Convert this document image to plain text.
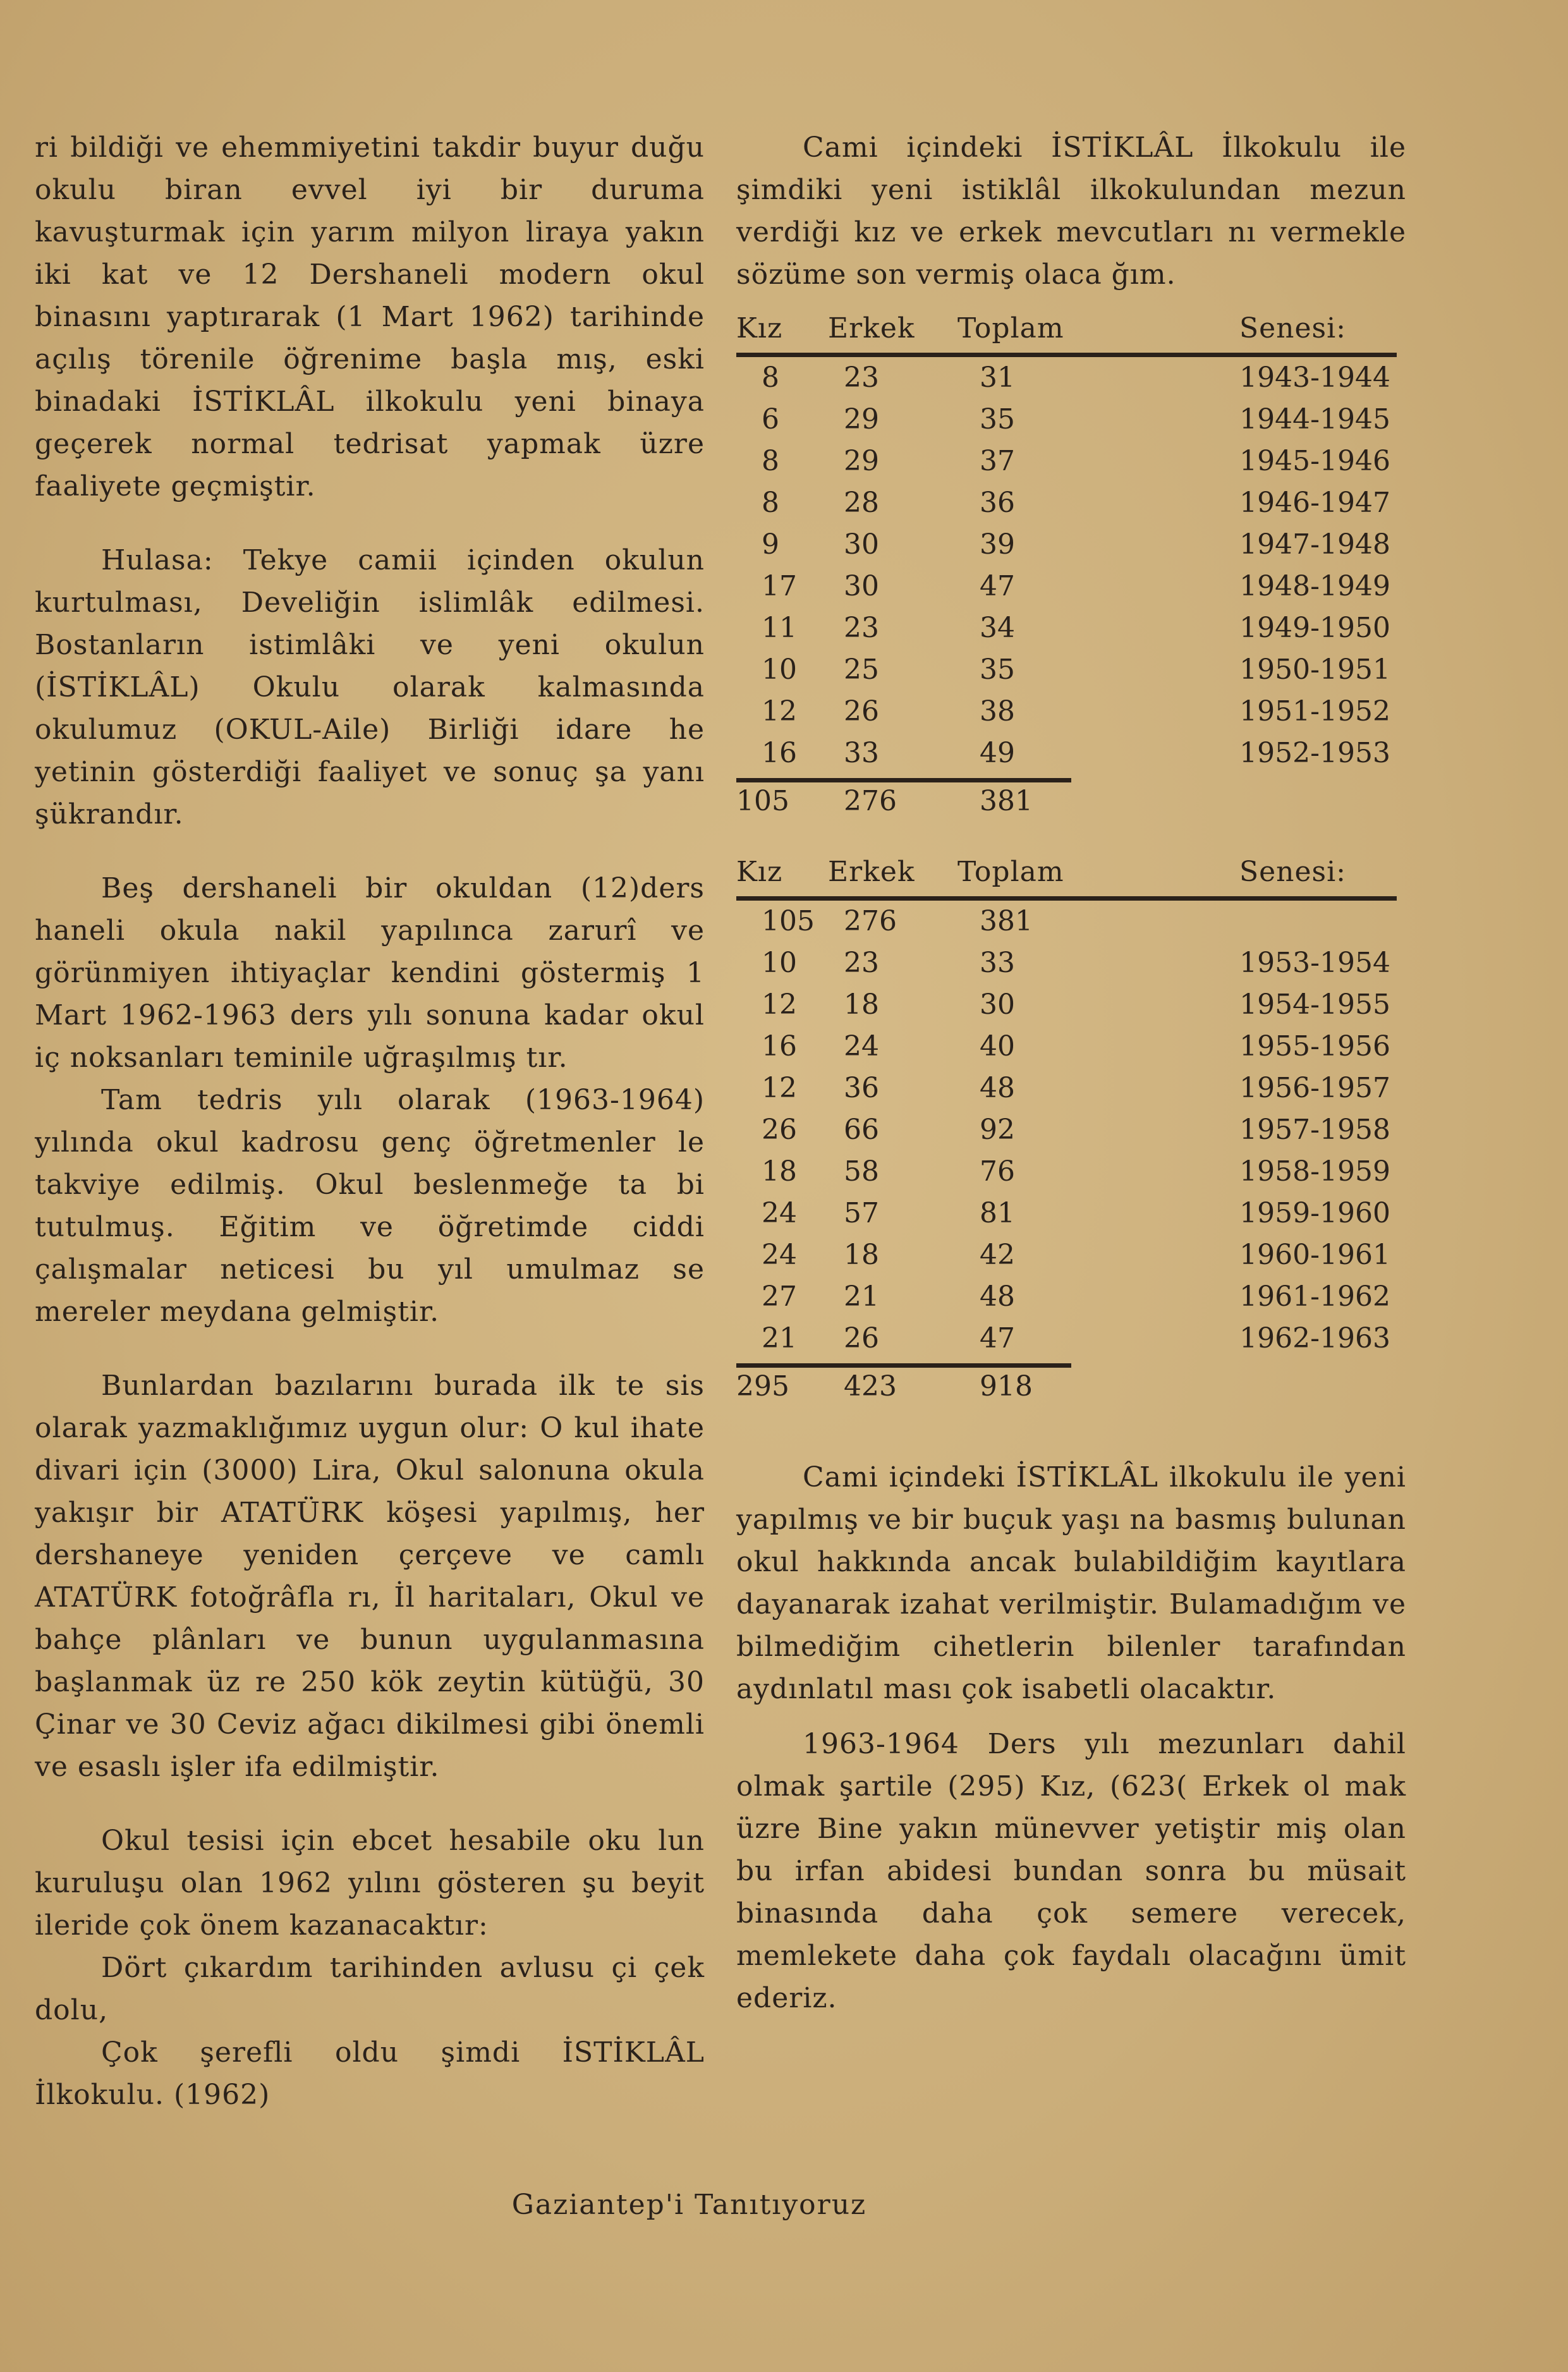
ri bildiği ve ehemmiyetini takdir buyur duğu okulu biran evvel iyi bir duruma kavuşturmak için yarım milyon liraya yakın iki kat ve 12 Dershaneli modern okul binasını yaptırarak (1 Mart 1962) tarihinde açılış törenile öğrenime başla mış, eski binadaki İSTİKLÂL ilkokulu yeni binaya geçerek normal tedrisat yapmak üzre faaliyete geçmiştir.

Hulasa: Tekye camii içinden okulun kurtulması, Develiğin islimlâk edilmesi. Bostanların istimlâki ve yeni okulun (İSTİKLÂL) Okulu olarak kalmasında okulumuz (OKUL-Aile) Birliği idare he yetinin gösterdiği faaliyet ve sonuç şa yanı şükrandır.

Beş dershaneli bir okuldan (12)ders haneli okula nakil yapılınca zarurî ve görünmiyen ihtiyaçlar kendini göstermiş 1 Mart 1962-1963 ders yılı sonuna kadar okul iç noksanları teminile uğraşılmış tır.

Tam tedris yılı olarak (1963-1964) yılında okul kadrosu genç öğretmenler le takviye edilmiş. Okul beslenmeğe ta bi tutulmuş. Eğitim ve öğretimde ciddi çalışmalar neticesi bu yıl umulmaz se mereler meydana gelmiştir.

Bunlardan bazılarını burada ilk te sis olarak yazmaklığımız uygun olur: O kul ihate divari için (3000) Lira, Okul salonuna okula yakışır bir ATATÜRK köşesi yapılmış, her dershaneye yeniden çerçeve ve camlı ATATÜRK fotoğrâfla rı, İl haritaları, Okul ve bahçe plânları ve bunun uygulanmasına başlanmak üz re 250 kök zeytin kütüğü, 30 Çinar ve 30 Ceviz ağacı dikilmesi gibi önemli ve esaslı işler ifa edilmiştir.

Okul tesisi için ebcet hesabile oku lun kuruluşu olan 1962 yılını gösteren şu beyit ileride çok önem kazanacaktır:

Dört çıkardım tarihinden avlusu çi çek dolu,

Çok şerefli oldu şimdi İSTİKLÂL İlkokulu. (1962)

Cami içindeki İSTİKLÂL İlkokulu ile şimdiki yeni istiklâl ilkokulundan mezun verdiği kız ve erkek mevcutları nı vermekle sözüme son vermiş olaca ğım.

Kız	Erkek	Toplam	Senesi:
8	23	31	1943-1944
6	29	35	1944-1945
8	29	37	1945-1946
8	28	36	1946-1947
9	30	39	1947-1948
17	30	47	1948-1949
11	23	34	1949-1950
10	25	35	1950-1951
12	26	38	1951-1952
16	33	49	1952-1953
105	276	381
Kız	Erkek	Toplam	Senesi:
105	276	381
10	23	33	1953-1954
12	18	30	1954-1955
16	24	40	1955-1956
12	36	48	1956-1957
26	66	92	1957-1958
18	58	76	1958-1959
24	57	81	1959-1960
24	18	42	1960-1961
27	21	48	1961-1962
21	26	47	1962-1963
295	423	918

Cami içindeki İSTİKLÂL ilkokulu ile yeni yapılmış ve bir buçuk yaşı na basmış bulunan okul hakkında ancak bulabildiğim kayıtlara dayanarak izahat verilmiştir. Bulamadığım ve bilmediğim cihetlerin bilenler tarafından aydınlatıl ması çok isabetli olacaktır.

1963-1964 Ders yılı mezunları dahil olmak şartile (295) Kız, (623( Erkek ol mak üzre Bine yakın münevver yetiştir miş olan bu irfan abidesi bundan sonra bu müsait binasında daha çok semere verecek, memlekete daha çok faydalı olacağını ümit ederiz.

Gaziantep'i Tanıtıyoruz
